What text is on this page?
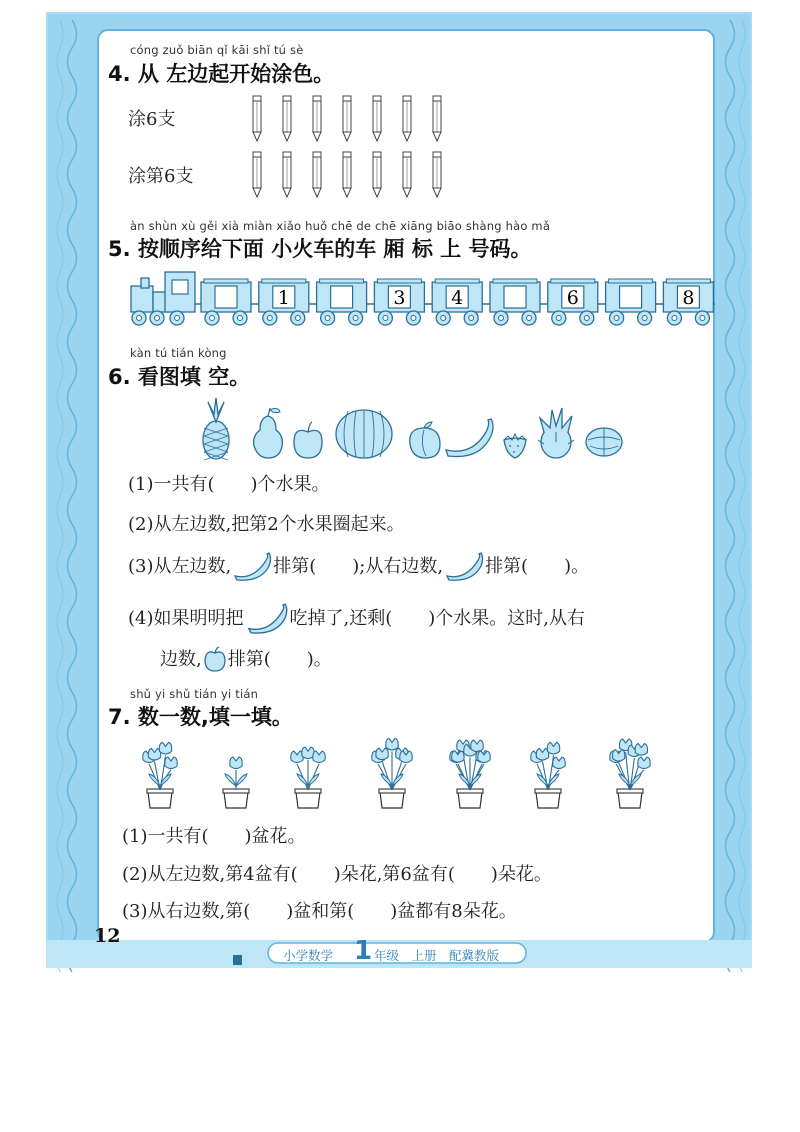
cóng zuǒ biān qǐ kāi shǐ tú sè
4. 从 左边起开始涂色。
涂6支
涂第6支
àn shùn xù gěi xià miàn xiǎo huǒ chē de chē xiāng biāo shàng hào mǎ
5. 按顺序给下面 小火车的车 厢 标 上 号码。
1	3 4	6	8
kàn tú tián kòng
6. 看图填 空。
(1)一共有(　　)个水果。
(2)从左边数,把第2个水果圈起来。
(3)从左边数, 排第(　　);从右边数, 排第(　　)。
(4)如果明明把	吃掉了,还剩(　　)个水果。这时,从右
边数, 排第(　　)。
shǔ yi shǔ tián yi tián
7. 数一数,填一填。
(1)一共有(　　)盆花。
(2)从左边数,第4盆有(　　)朵花,第6盆有(　　)朵花。
(3)从右边数,第(　　)盆和第(　　)盆都有8朵花。
12
小学数学 1 年级　上册　配冀教版
